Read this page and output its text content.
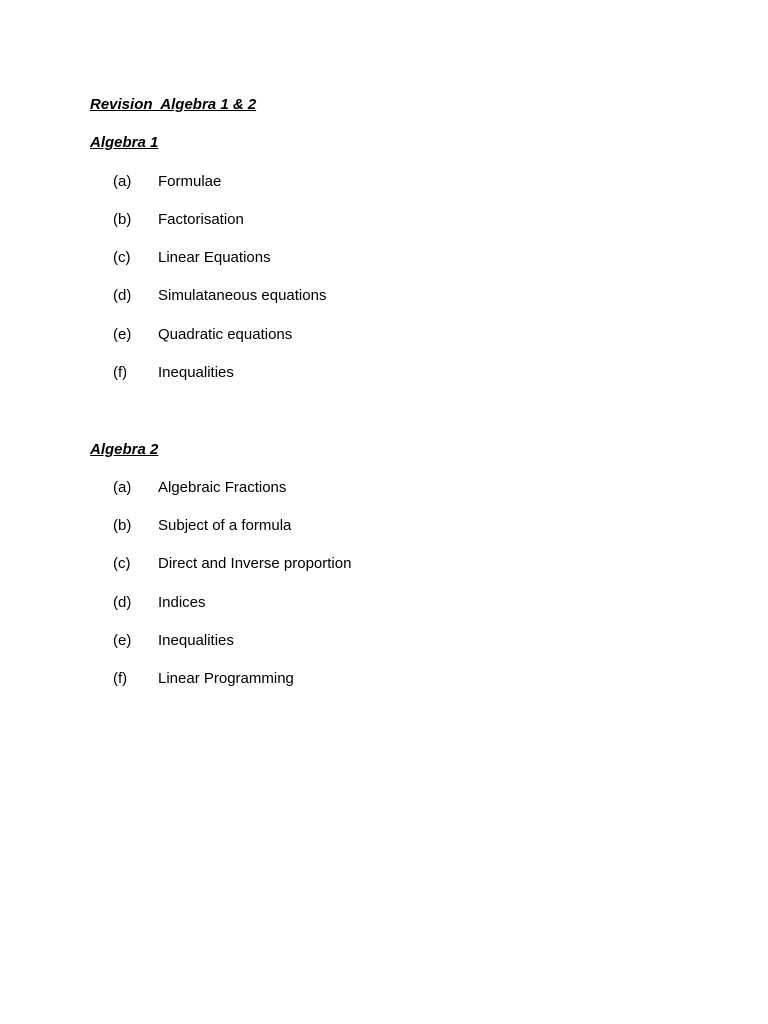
Revision  Algebra 1 & 2
Algebra 1
(a) Formulae
(b) Factorisation
(c) Linear Equations
(d) Simulataneous equations
(e) Quadratic equations
(f) Inequalities
Algebra 2
(a) Algebraic Fractions
(b) Subject of a formula
(c) Direct and Inverse proportion
(d) Indices
(e) Inequalities
(f) Linear Programming
